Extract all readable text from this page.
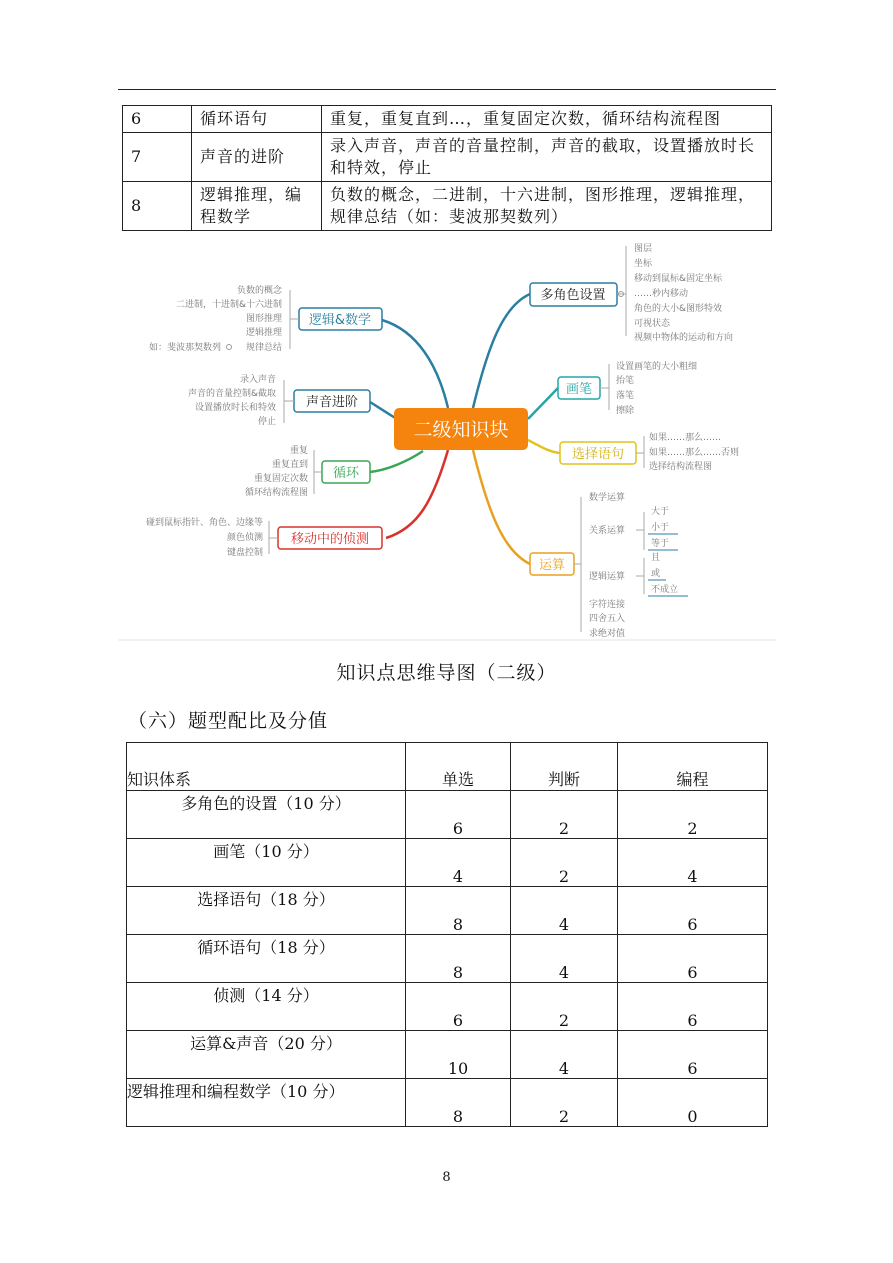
6	循环语句	重复，重复直到…，重复固定次数，循环结构流程图
7	声音的进阶	录入声音，声音的音量控制，声音的截取，设置播放时长和特效，停止
8	逻辑推理，编程数学	负数的概念，二进制，十六进制，图形推理，逻辑推理，规律总结（如：斐波那契数列）
二级知识块
逻辑&数学
负数的概念
二进制，十进制&十六进制
图形推理
逻辑推理
规律总结
如：斐波那契数列
声音进阶
录入声音
声音的音量控制&截取
设置播放时长和特效
停止
循环
重复
重复直到
重复固定次数
循环结构流程图
移动中的侦测
碰到鼠标指针、角色、边缘等
颜色侦测
键盘控制
多角色设置
图层
坐标
移动到鼠标&固定坐标
……秒内移动
角色的大小&图形特效
可视状态
视频中物体的运动和方向
画笔
设置画笔的大小粗细
抬笔
落笔
擦除
选择语句
如果……那么……
如果……那么……否则
选择结构流程图
运算
数学运算
关系运算
逻辑运算
字符连接
四舍五入
求绝对值
大于
小于
等于
且
或
不成立
知识点思维导图（二级）
（六）题型配比及分值
知识体系	单选	判断	编程
多角色的设置（10 分）	6	2	2
画笔（10 分）	4	2	4
选择语句（18 分）	8	4	6
循环语句（18 分）	8	4	6
侦测（14 分）	6	2	6
运算&声音（20 分）	10	4	6
逻辑推理和编程数学（10 分）	8	2	0
8
